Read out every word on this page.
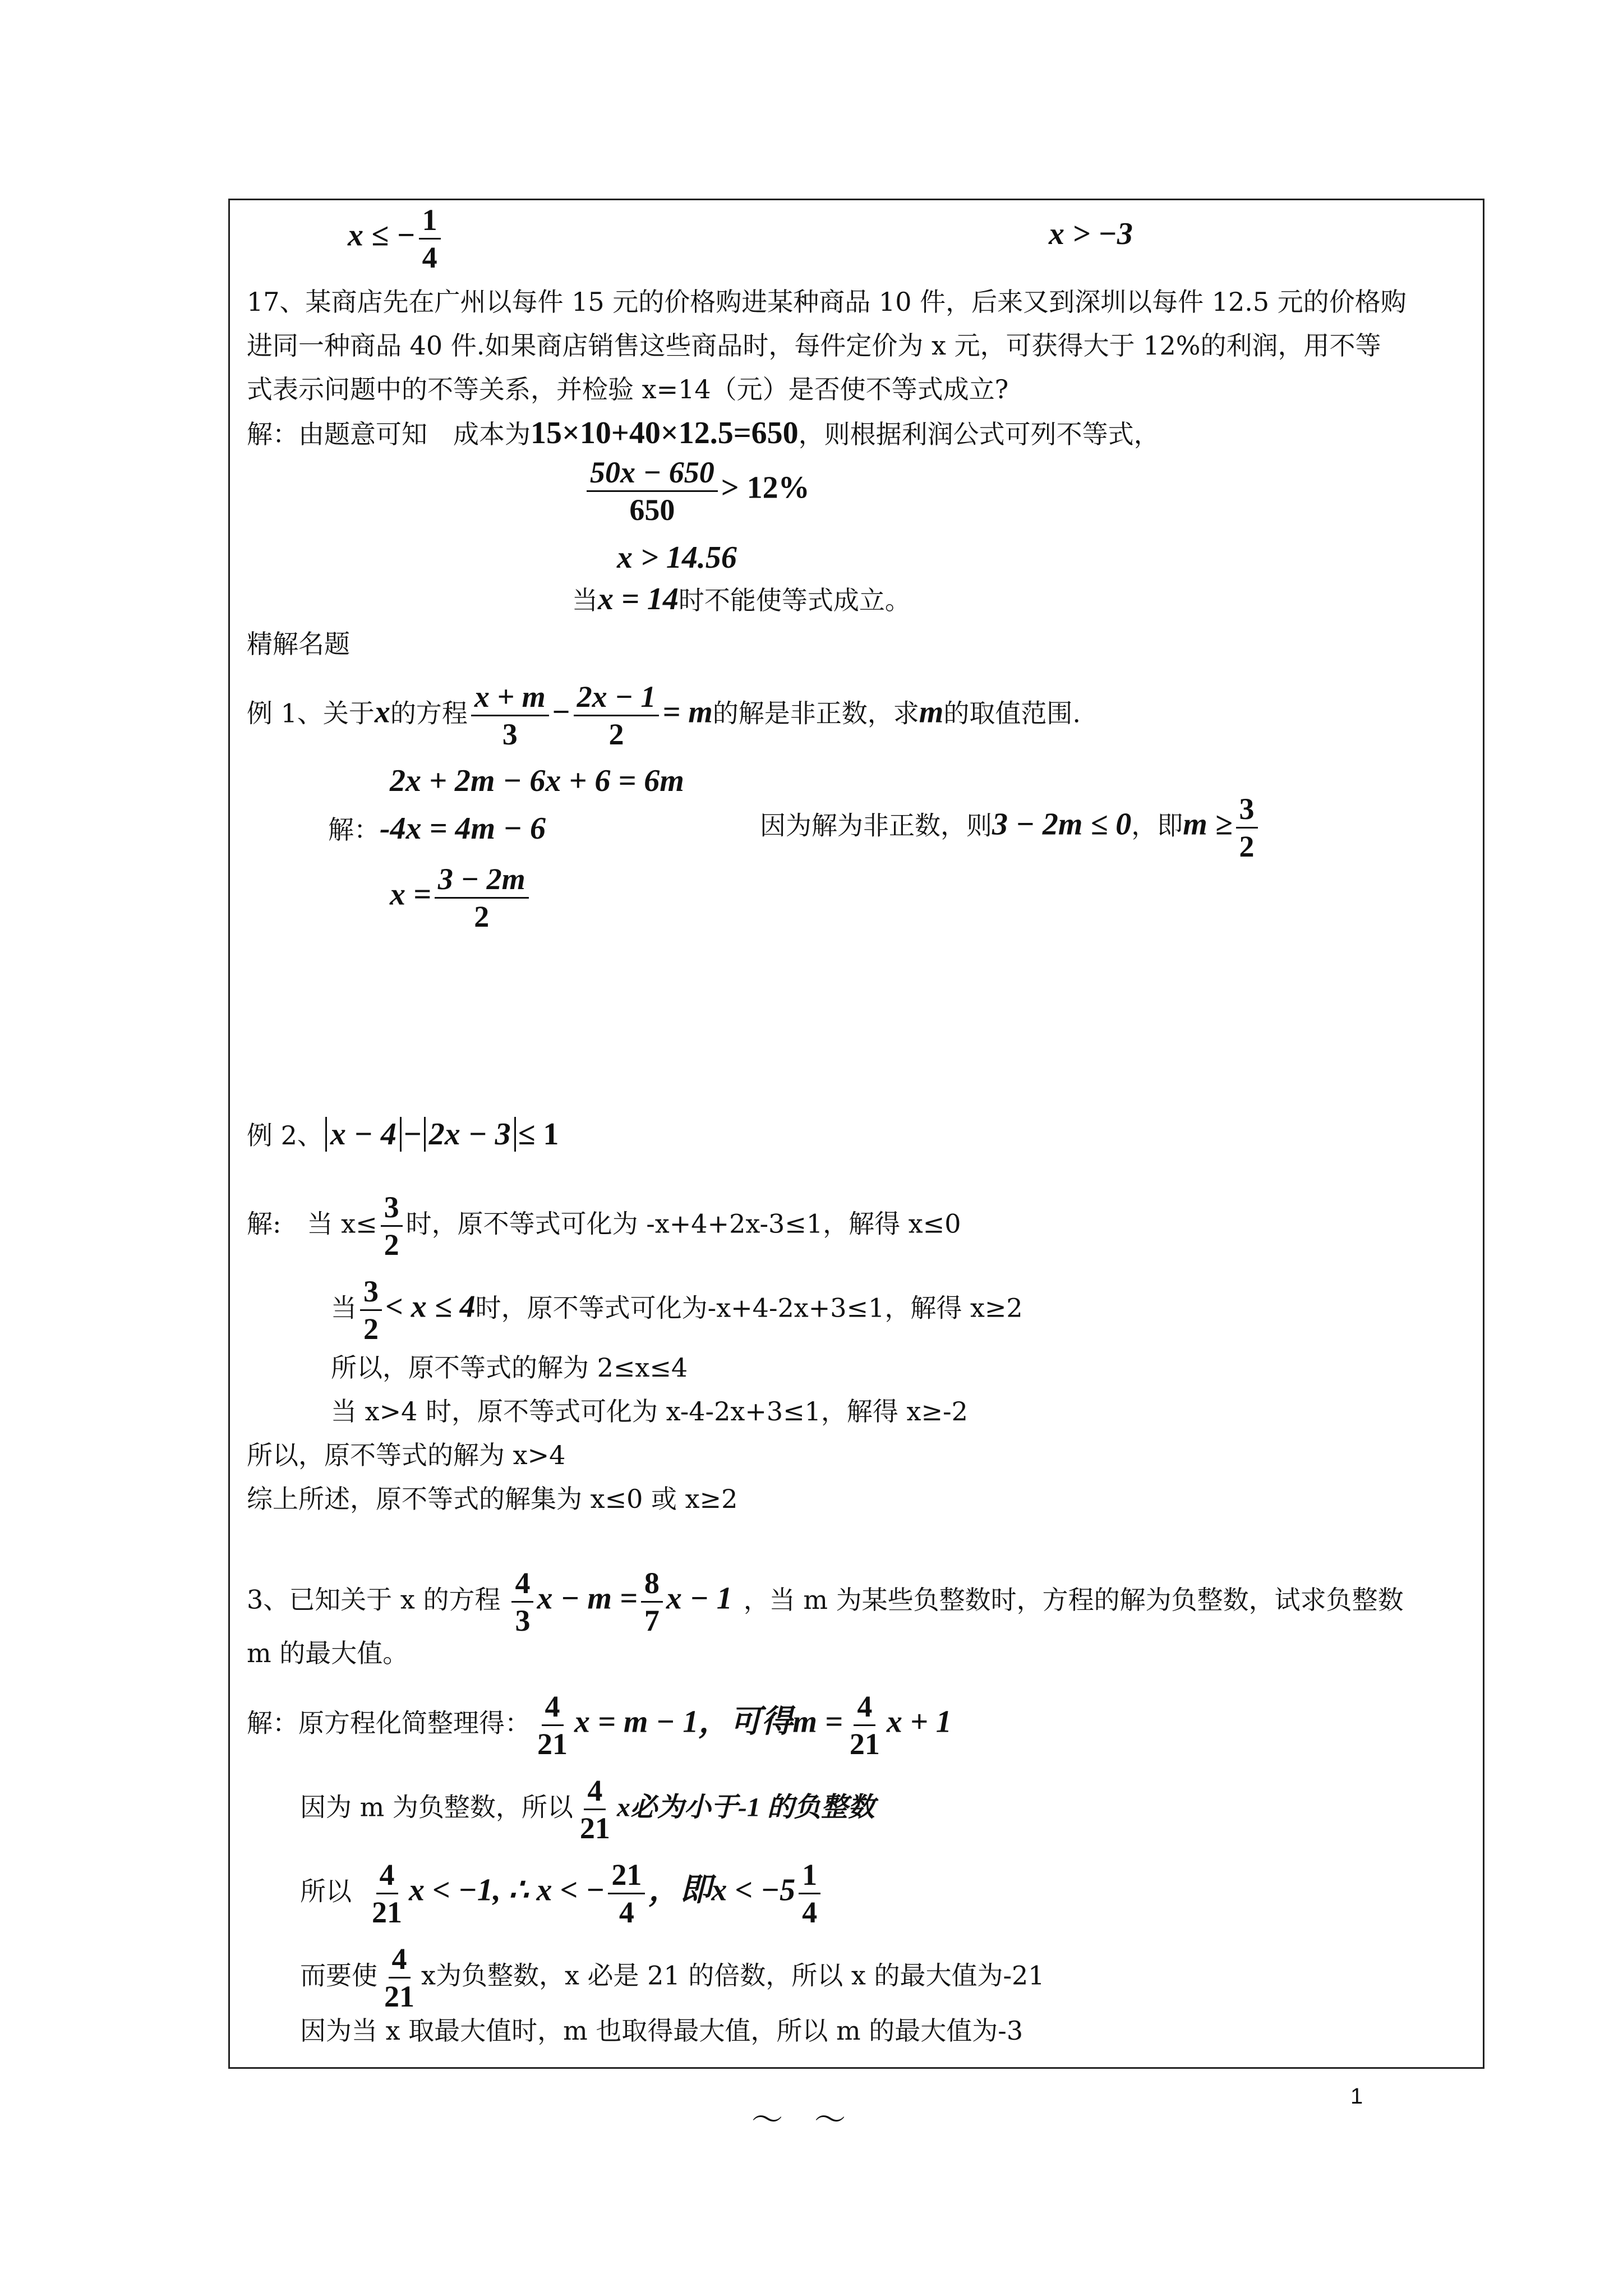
x ≤ − $\frac{1}{4}$	x > −3
17、某商店先在广州以每件 15 元的价格购进某种商品 10 件，后来又到深圳以每件 12.5 元的价格购
进同一种商品 40 件.如果商店销售这些商品时，每件定价为 x 元，可获得大于 12%的利润，用不等
式表示问题中的不等关系，并检验 x=14（元）是否使不等式成立?
解：由题意可知　成本为15×10+40×12.5=650，则根据利润公式可列不等式，
$\frac{50x - 650}{650} > 12\%$
x > 14.56
当x = 14时不能使等式成立。
精解名题
例 1、关于x的方程 $\frac{x + m}{3} - \frac{2x - 1}{2} = m$的解是非正数，求m的取值范围.
2x + 2m − 6x + 6 = 6m
解：-4x = 4m − 6
$x = \frac{3 - 2m}{2}$
因为解为非正数，则3 − 2m ≤ 0，即$m \ge \frac{3}{2}$
例 2、 x − 4 − 2x − 3 ≤ 1
解:　当 $x\le \frac{3}{2}$ 时，原不等式可化为 -x+4+2x-3≤1，解得 x≤0
当 $\frac{3}{2} < x \le 4$时，原不等式可化为-x+4-2x+3≤1，解得 x≥2
所以，原不等式的解为 2≤x≤4
当 x>4 时，原不等式可化为 x-4-2x+3≤1，解得 x≥-2
所以，原不等式的解为 x>4
综上所述，原不等式的解集为 x≤0 或 x≥2
3、已知关于 x 的方程 $\frac{4}{3}$ $x - m = \frac{8}{7}$ x − 1 ，当 m 为某些负整数时，方程的解为负整数，试求负整数
m 的最大值。
解：原方程化简整理得： $\frac{4}{21}$ x = m − 1，可得$m = \frac{4}{21}$ x + 1
因为 m 为负整数，所以 $\frac{4}{21}$ x必为小于-1 的负整数
所以 $\frac{4}{21}$ x < −1, ∴ x < − $\frac{21}{4}$ ，即$x < -5 \frac{1}{4}$
而要使 $\frac{4}{21}$ x为负整数，x 必是 21 的倍数，所以 x 的最大值为-21
因为当 x 取最大值时，m 也取得最大值，所以 m 的最大值为-3
～　～
1
